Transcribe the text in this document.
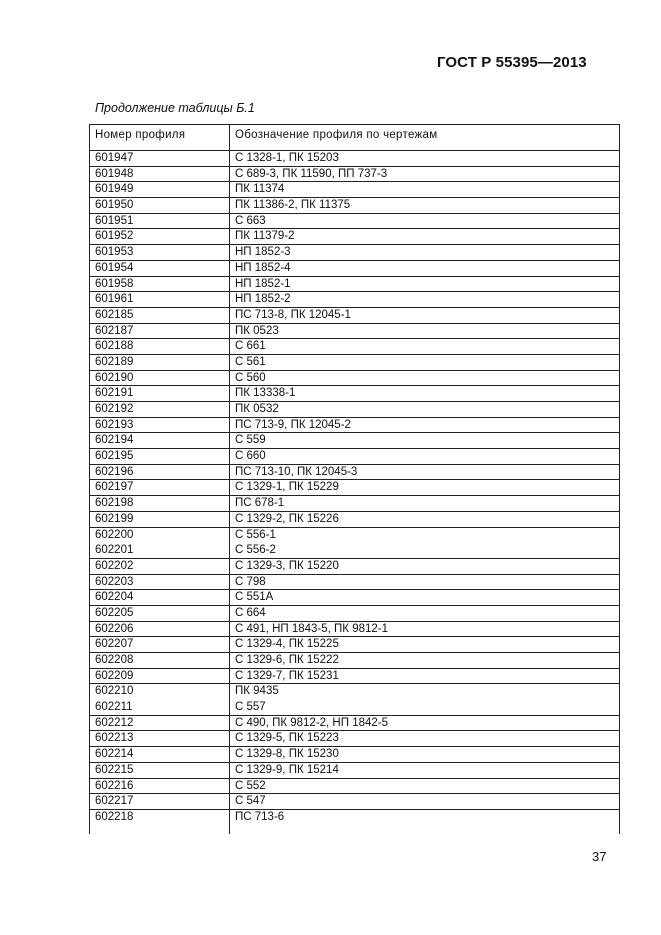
ГОСТ Р 55395—2013
Продолжение таблицы Б.1
Номер профиля	Обозначение профиля по чертежам
601947	С 1328-1, ПК 15203
601948	С 689-3, ПК 11590, ПП 737-3
601949	ПК 11374
601950	ПК 11386-2, ПК 11375
601951	С 663
601952	ПК 11379-2
601953	НП 1852-3
601954	НП 1852-4
601958	НП 1852-1
601961	НП 1852-2
602185	ПС 713-8, ПК 12045-1
602187	ПК 0523
602188	С 661
602189	С 561
602190	С 560
602191	ПК 13338-1
602192	ПК 0532
602193	ПС 713-9, ПК 12045-2
602194	С 559
602195	С 660
602196	ПС 713-10, ПК 12045-3
602197	С 1329-1, ПК 15229
602198	ПС 678-1
602199	С 1329-2, ПК 15226
602200	С 556-1
602201	С 556-2
602202	С 1329-3, ПК 15220
602203	С 798
602204	С 551А
602205	С 664
602206	С 491, НП 1843-5, ПК 9812-1
602207	С 1329-4, ПК 15225
602208	С 1329-6, ПК 15222
602209	С 1329-7, ПК 15231
602210	ПК 9435
602211	С 557
602212	С 490, ПК 9812-2, НП 1842-5
602213	С 1329-5, ПК 15223
602214	С 1329-8, ПК 15230
602215	С 1329-9, ПК 15214
602216	С 552
602217	С 547
602218	ПС 713-6
37
